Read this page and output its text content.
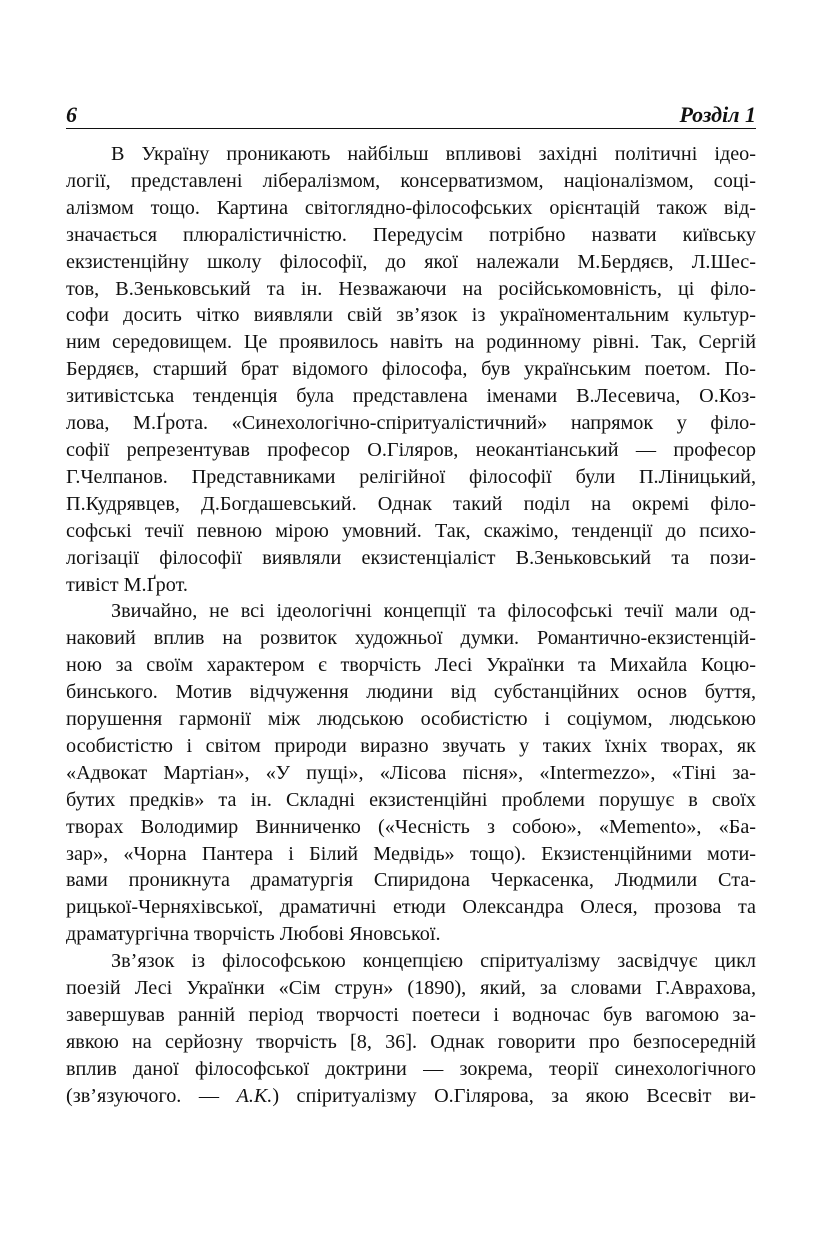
6	Розділ 1

В Україну проникають найбільш впливові західні політичні ідео-
логії, представлені лібералізмом, консерватизмом, націоналізмом, соці-
алізмом тощо. Картина світоглядно-філософських орієнтацій також від-
значається плюралістичністю. Передусім потрібно назвати київську
екзистенційну школу філософії, до якої належали М.Бердяєв, Л.Шес-
тов, В.Зеньковський та ін. Незважаючи на російськомовність, ці філо-
софи досить чітко виявляли свій зв’язок із україноментальним культур-
ним середовищем. Це проявилось навіть на родинному рівні. Так, Сергій
Бердяєв, старший брат відомого філософа, був українським поетом. По-
зитивістська тенденція була представлена іменами В.Лесевича, О.Коз-
лова, М.Ґрота. «Синехологічно-спіритуалістичний» напрямок у філо-
софії репрезентував професор О.Гіляров, неокантіанський — професор
Г.Челпанов. Представниками релігійної філософії були П.Ліницький,
П.Кудрявцев, Д.Богдашевський. Однак такий поділ на окремі філо-
софські течії певною мірою умовний. Так, скажімо, тенденції до психо-
логізації філософії виявляли екзистенціаліст В.Зеньковський та пози-
тивіст М.Ґрот.

Звичайно, не всі ідеологічні концепції та філософські течії мали од-
наковий вплив на розвиток художньої думки. Романтично-екзистенцій-
ною за своїм характером є творчість Лесі Українки та Михайла Коцю-
бинського. Мотив відчуження людини від субстанційних основ буття,
порушення гармонії між людською особистістю і соціумом, людською
особистістю і світом природи виразно звучать у таких їхніх творах, як
«Адвокат Мартіан», «У пущі», «Лісова пісня», «Intermezzo», «Тіні за-
бутих предків» та ін. Складні екзистенційні проблеми порушує в своїх
творах Володимир Винниченко («Чесність з собою», «Memento», «Ба-
зар», «Чорна Пантера і Білий Медвідь» тощо). Екзистенційними моти-
вами проникнута драматургія Спиридона Черкасенка, Людмили Ста-
рицької-Черняхівської, драматичні етюди Олександра Олеся, прозова та
драматургічна творчість Любові Яновської.

Зв’язок із філософською концепцією спіритуалізму засвідчує цикл
поезій Лесі Українки «Сім струн» (1890), який, за словами Г.Аврахова,
завершував ранній період творчості поетеси і водночас був вагомою за-
явкою на серйозну творчість [8, 36]. Однак говорити про безпосередній
вплив даної філософської доктрини — зокрема, теорії синехологічного
(зв’язуючого. — А.К.) спіритуалізму О.Гілярова, за якою Всесвіт ви-
